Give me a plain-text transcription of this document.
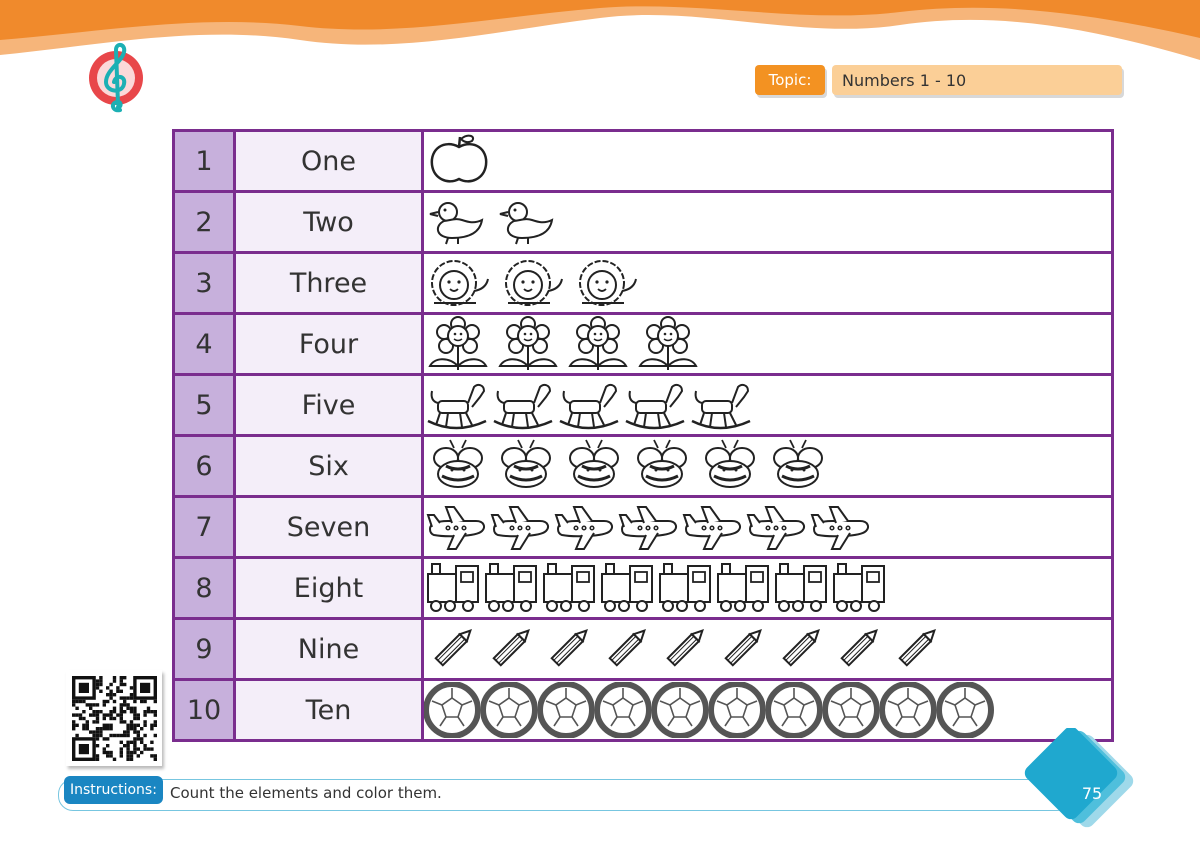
Topic:	Numbers 1 - 10
1	One	

2	Two	

3	Three	

4	Four	

5	Five	

6	Six	

7	Seven	

8	Eight	

9	Nine	

10	Ten	
Instructions: Count the elements and color them.	75
